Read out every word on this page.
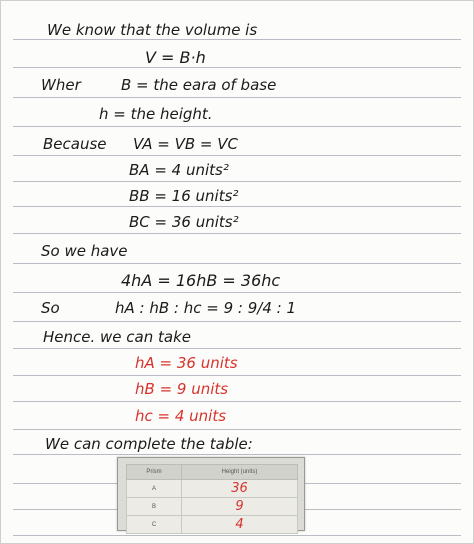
We know that the volume is
V = B·h
Wher	B = the eara of base
h = the height.
Because VA = VB = VC
BA = 4 units²
BB = 16 units²
BC = 36 units²
So we have
4hA = 16hB = 36hc
So	hA : hB : hc = 9 : 9/4 : 1
Hence. we can take
hA = 36 units
hB = 9 units
hc = 4 units
We can complete the table:
Prism	Height (units)
A	36
B	9
C	4
